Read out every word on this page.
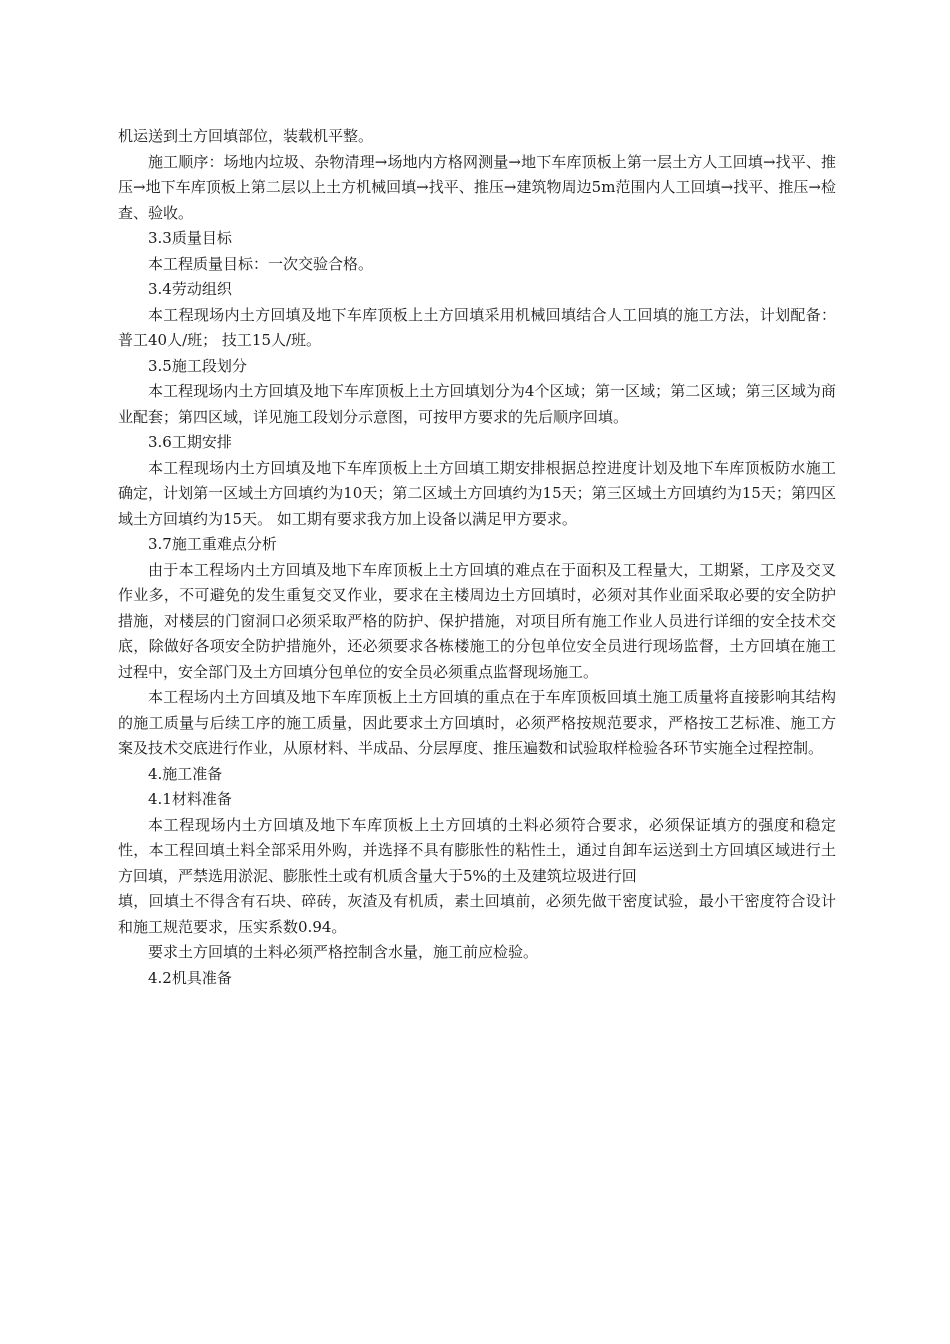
机运送到土方回填部位，装载机平整。

施工顺序：场地内垃圾、杂物清理→场地内方格网测量→地下车库顶板上第一层土方人工回填→找平、推压→地下车库顶板上第二层以上土方机械回填→找平、推压→建筑物周边5m范围内人工回填→找平、推压→检查、验收。

3.3质量目标

本工程质量目标：一次交验合格。

3.4劳动组织

本工程现场内土方回填及地下车库顶板上土方回填采用机械回填结合人工回填的施工方法，计划配备：普工40人/班； 技工15人/班。

3.5施工段划分

本工程现场内土方回填及地下车库顶板上土方回填划分为4个区域；第一区域；第二区域；第三区域为商业配套；第四区域，详见施工段划分示意图，可按甲方要求的先后顺序回填。

3.6工期安排

本工程现场内土方回填及地下车库顶板上土方回填工期安排根据总控进度计划及地下车库顶板防水施工确定，计划第一区域土方回填约为10天；第二区域土方回填约为15天；第三区域土方回填约为15天；第四区域土方回填约为15天。 如工期有要求我方加上设备以满足甲方要求。

3.7施工重难点分析

由于本工程场内土方回填及地下车库顶板上土方回填的难点在于面积及工程量大，工期紧，工序及交叉作业多，不可避免的发生重复交叉作业，要求在主楼周边土方回填时，必须对其作业面采取必要的安全防护措施，对楼层的门窗洞口必须采取严格的防护、保护措施，对项目所有施工作业人员进行详细的安全技术交底，除做好各项安全防护措施外，还必须要求各栋楼施工的分包单位安全员进行现场监督，土方回填在施工过程中，安全部门及土方回填分包单位的安全员必须重点监督现场施工。

本工程场内土方回填及地下车库顶板上土方回填的重点在于车库顶板回填土施工质量将直接影响其结构的施工质量与后续工序的施工质量，因此要求土方回填时，必须严格按规范要求，严格按工艺标准、施工方案及技术交底进行作业，从原材料、半成品、分层厚度、推压遍数和试验取样检验各环节实施全过程控制。

4.施工准备

4.1材料准备

本工程现场内土方回填及地下车库顶板上土方回填的土料必须符合要求，必须保证填方的强度和稳定性，本工程回填土料全部采用外购，并选择不具有膨胀性的粘性土，通过自卸车运送到土方回填区域进行土方回填，严禁选用淤泥、膨胀性土或有机质含量大于5%的土及建筑垃圾进行回

填，回填土不得含有石块、碎砖，灰渣及有机质，素土回填前，必须先做干密度试验，最小干密度符合设计和施工规范要求，压实系数0.94。

要求土方回填的土料必须严格控制含水量，施工前应检验。

4.2机具准备
